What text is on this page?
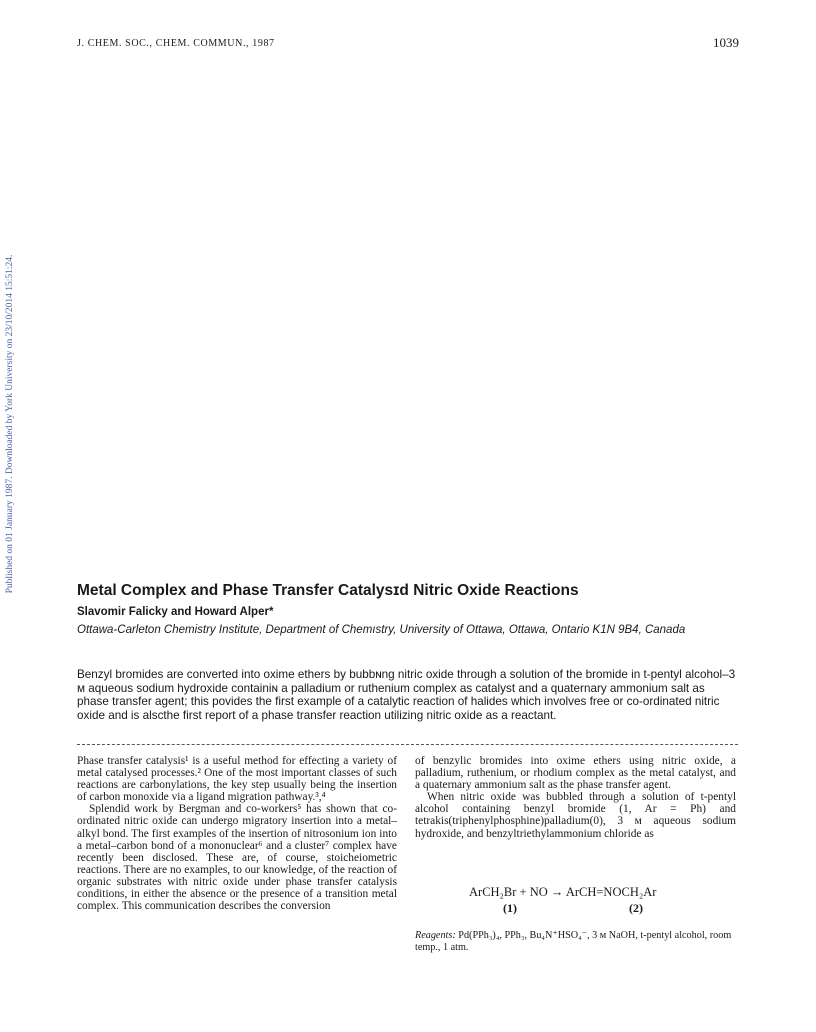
J. CHEM. SOC., CHEM. COMMUN., 1987	1039
Published on 01 January 1987. Downloaded by York University on 23/10/2014 15:51:24.	Metal Complex and Phase Transfer Catalysɪd Nitric Oxide Reactions
Slavomir Falicky and Howard Alper*
Ottawa-Carleton Chemistry Institute, Department of Chemıstry, University of Ottawa, Ottawa, Ontario K1N 9B4, Canada
Benzyl bromides are converted into oxime ethers by bubbɴng nitric oxide through a solution of the bromide in t-pentyl alcohol–3 ᴍ aqueous sodium hydroxide containiɴ a palladium or ruthenium complex as catalyst and a quaternary ammonium salt as phase transfer agent; this povides the first example of a catalytic reaction of halides which involves free or co-ordinated nitric oxide and is alscthe first report of a phase transfer reaction utilizing nitric oxide as a reactant.

Phase transfer catalysis¹ is a useful method for effecting a variety of metal catalysed processes.² One of the most important classes of such reactions are carbonylations, the key step usually being the insertion of carbon monoxide via a ligand migration pathway.³,⁴

Splendid work by Bergman and co-workers⁵ has shown that co-ordinated nitric oxide can undergo migratory insertion into a metal–alkyl bond. The first examples of the insertion of nitrosonium ion into a metal–carbon bond of a mononuclear⁶ and a cluster⁷ complex have recently been disclosed. These are, of course, stoicheiometric reactions. There are no examples, to our knowledge, of the reaction of organic substrates with nitric oxide under phase transfer catalysis conditions, in either the absence or the presence of a transition metal complex. This communication describes the conversion

of benzylic bromides into oxime ethers using nitric oxide, a palladium, ruthenium, or rhodium complex as the metal catalyst, and a quaternary ammonium salt as the phase transfer agent.

When nitric oxide was bubbled through a solution of t-pentyl alcohol containing benzyl bromide (1, Ar = Ph) and tetrakis(triphenylphosphine)palladium(0), 3 ᴍ aqueous sodium hydroxide, and benzyltriethylammonium chloride as

ArCH₂Br + NO → ArCH=NOCH₂Ar
(1)	(2)
Reagents: Pd(PPh₃)₄, PPh₃, Bu₄N⁺HSO₄⁻, 3 ᴍ NaOH, t-pentyl alcohol, room temp., 1 atm.
